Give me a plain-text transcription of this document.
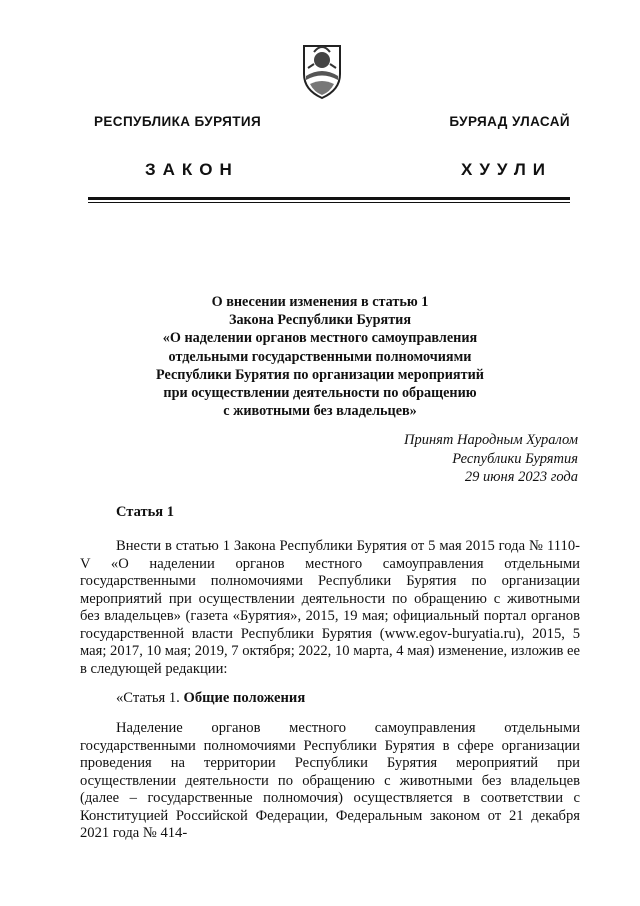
РЕСПУБЛИКА БУРЯТИЯ	БУРЯАД УЛАСАЙ
ЗАКОН	ХУУЛИ
О внесении изменения в статью 1
Закона Республики Бурятия
«О наделении органов местного самоуправления
отдельными государственными полномочиями
Республики Бурятия по организации мероприятий
при осуществлении деятельности по обращению
с животными без владельцев»
Принят Народным Хуралом
Республики Бурятия
29 июня 2023 года
Статья 1

Внести в статью 1 Закона Республики Бурятия от 5 мая 2015 года № 1110-V «О наделении органов местного самоуправления отдельными государственными полномочиями Республики Бурятия по организации мероприятий при осуществлении деятельности по обращению с животными без владельцев» (газета «Бурятия», 2015, 19 мая; официальный портал органов государственной власти Республики Бурятия (www.egov-buryatia.ru), 2015, 5 мая; 2017, 10 мая; 2019, 7 октября; 2022, 10 марта, 4 мая) изменение, изложив ее в следующей редакции:

«Статья 1. Общие положения

Наделение органов местного самоуправления отдельными государственными полномочиями Республики Бурятия в сфере организации проведения на территории Республики Бурятия мероприятий при осуществлении деятельности по обращению с животными без владельцев (далее – государственные полномочия) осуществляется в соответствии с Конституцией Российской Федерации, Федеральным законом от 21 декабря 2021 года № 414-
